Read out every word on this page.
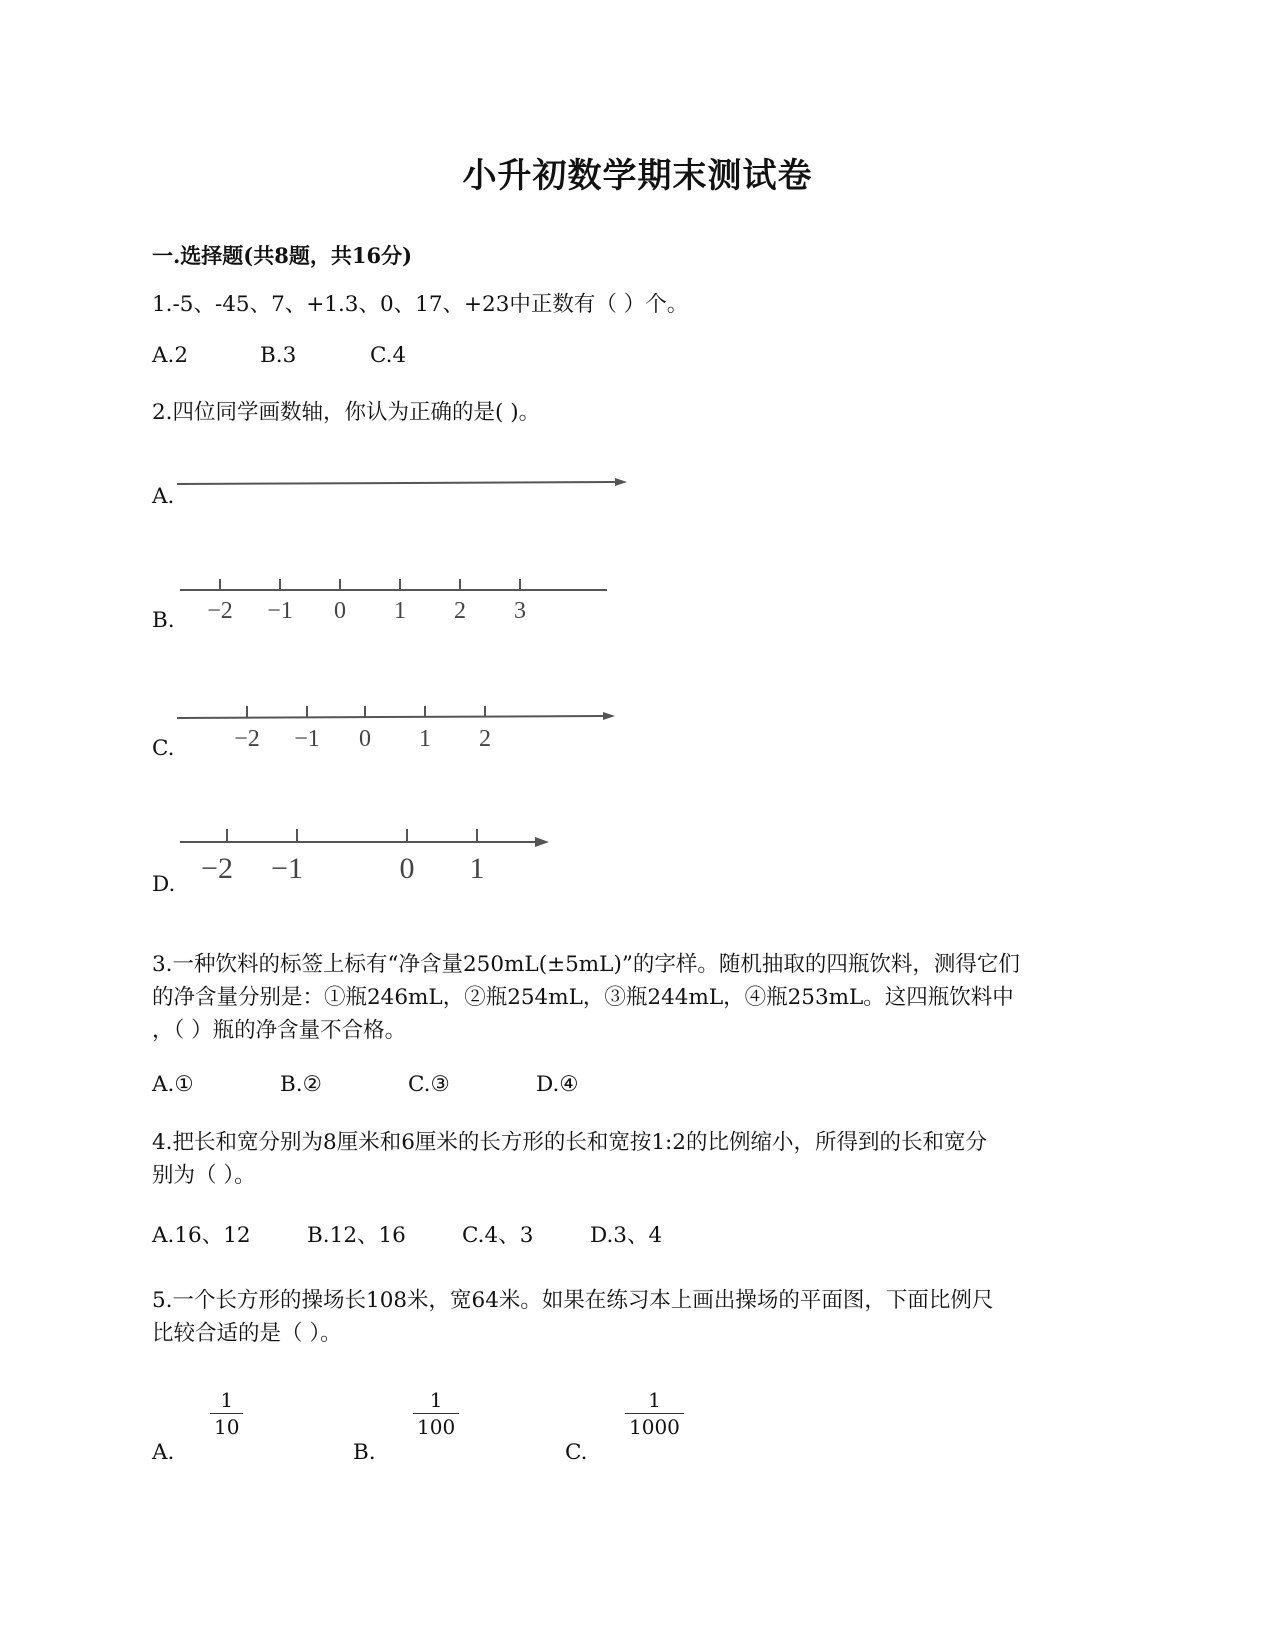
小升初数学期末测试卷
一.选择题(共8题，共16分)
1.-5、-45、7、+1.3、0、17、+23中正数有（ ）个。
A.2	B.3	C.4
2.四位同学画数轴，你认为正确的是( )。
A.
B. −2 −1 0 1 2 3
C. −2 −1 0 1 2
D. −2 −1	0 1
3.一种饮料的标签上标有“净含量250mL(±5mL)”的字样。随机抽取的四瓶饮料，测得它们
的净含量分别是：①瓶246mL，②瓶254mL，③瓶244mL，④瓶253mL。这四瓶饮料中
，（ ）瓶的净含量不合格。
A.①	B.②	C.③	D.④
4.把长和宽分别为8厘米和6厘米的长方形的长和宽按1:2的比例缩小，所得到的长和宽分
别为（ ）。
A.16、12	B.12、16	C.4、3	D.3、4
5.一个长方形的操场长108米，宽64米。如果在练习本上画出操场的平面图，下面比例尺
比较合适的是（ ）。
A.
1
10
B.
1
100
C.
1
1000
